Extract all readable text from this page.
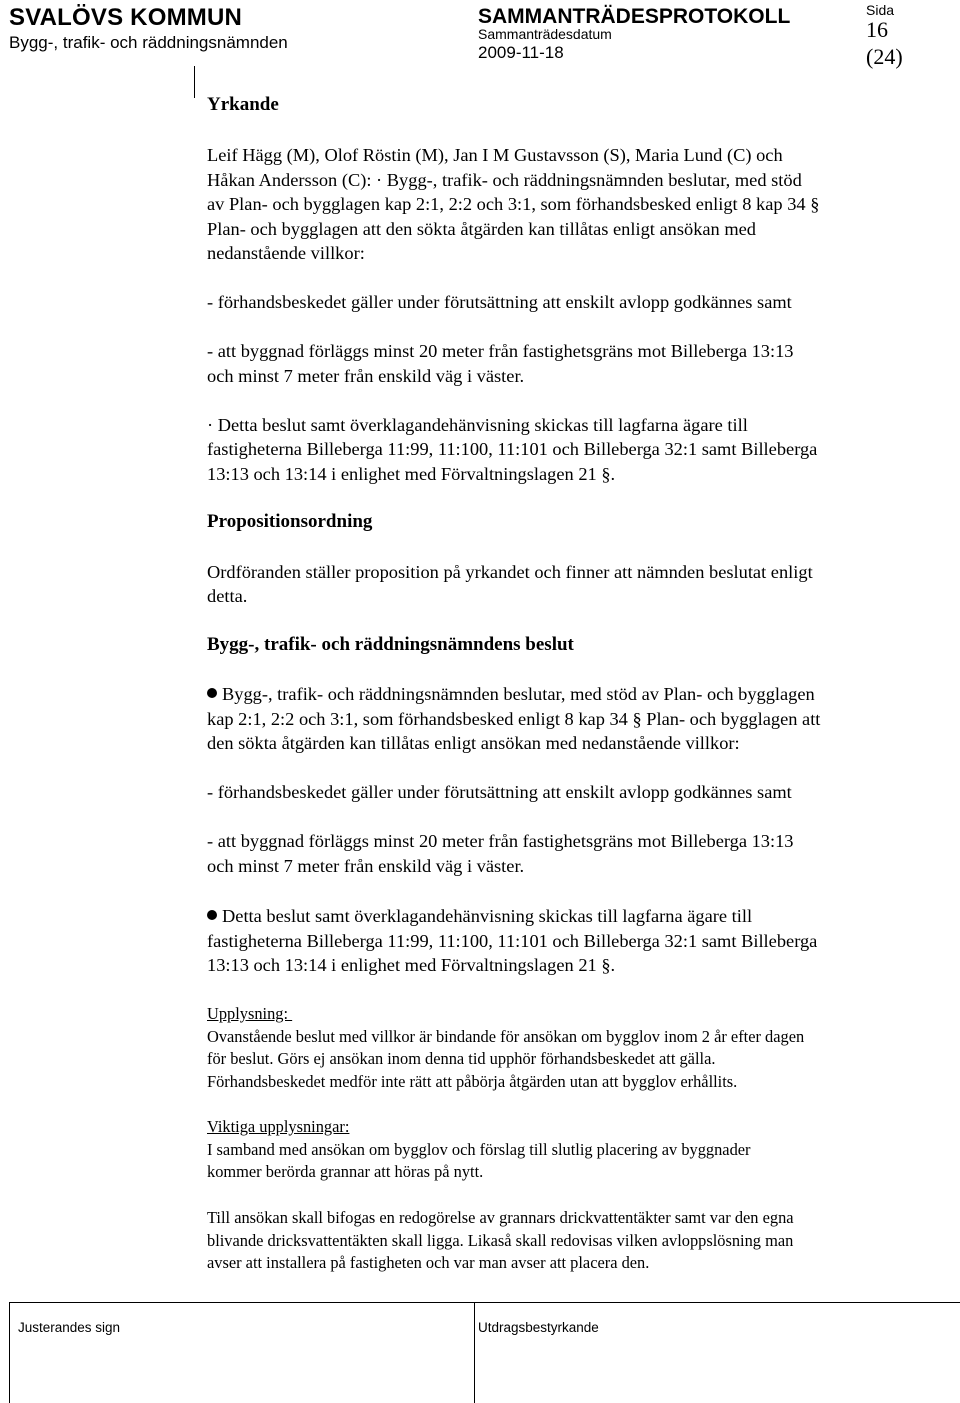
SVALÖVS KOMMUN
Bygg-, trafik- och räddningsnämnden
SAMMANTRÄDESPROTOKOLL
Sammanträdesdatum
2009-11-18
Sida
16
(24)
Yrkande
Leif Hägg (M), Olof Röstin (M), Jan I M Gustavsson (S), Maria Lund (C) och
Håkan Andersson (C): · Bygg-, trafik- och räddningsnämnden beslutar, med stöd
av Plan- och bygglagen kap 2:1, 2:2 och 3:1, som förhandsbesked enligt 8 kap 34 §
Plan- och bygglagen att den sökta åtgärden kan tillåtas enligt ansökan med
nedanstående villkor:
- förhandsbeskedet gäller under förutsättning att enskilt avlopp godkännes samt
- att byggnad förläggs minst 20 meter från fastighetsgräns mot Billeberga 13:13
och minst 7 meter från enskild väg i väster.
· Detta beslut samt överklagandehänvisning skickas till lagfarna ägare till
fastigheterna Billeberga 11:99, 11:100, 11:101 och Billeberga 32:1 samt Billeberga
13:13 och 13:14 i enlighet med Förvaltningslagen 21 §.
Propositionsordning
Ordföranden ställer proposition på yrkandet och finner att nämnden beslutat enligt
detta.
Bygg-, trafik- och räddningsnämndens beslut
Bygg-, trafik- och räddningsnämnden beslutar, med stöd av Plan- och bygglagen
kap 2:1, 2:2 och 3:1, som förhandsbesked enligt 8 kap 34 § Plan- och bygglagen att
den sökta åtgärden kan tillåtas enligt ansökan med nedanstående villkor:
- förhandsbeskedet gäller under förutsättning att enskilt avlopp godkännes samt
- att byggnad förläggs minst 20 meter från fastighetsgräns mot Billeberga 13:13
och minst 7 meter från enskild väg i väster.
Detta beslut samt överklagandehänvisning skickas till lagfarna ägare till
fastigheterna Billeberga 11:99, 11:100, 11:101 och Billeberga 32:1 samt Billeberga
13:13 och 13:14 i enlighet med Förvaltningslagen 21 §.
Upplysning:
Ovanstående beslut med villkor är bindande för ansökan om bygglov inom 2 år efter dagen
för beslut. Görs ej ansökan inom denna tid upphör förhandsbeskedet att gälla.
Förhandsbeskedet medför inte rätt att påbörja åtgärden utan att bygglov erhållits.
Viktiga upplysningar:
I samband med ansökan om bygglov och förslag till slutlig placering av byggnader
kommer berörda grannar att höras på nytt.
Till ansökan skall bifogas en redogörelse av grannars drickvattentäkter samt var den egna
blivande dricksvattentäkten skall ligga. Likaså skall redovisas vilken avloppslösning man
avser att installera på fastigheten och var man avser att placera den.
Justerandes sign	Utdragsbestyrkande
